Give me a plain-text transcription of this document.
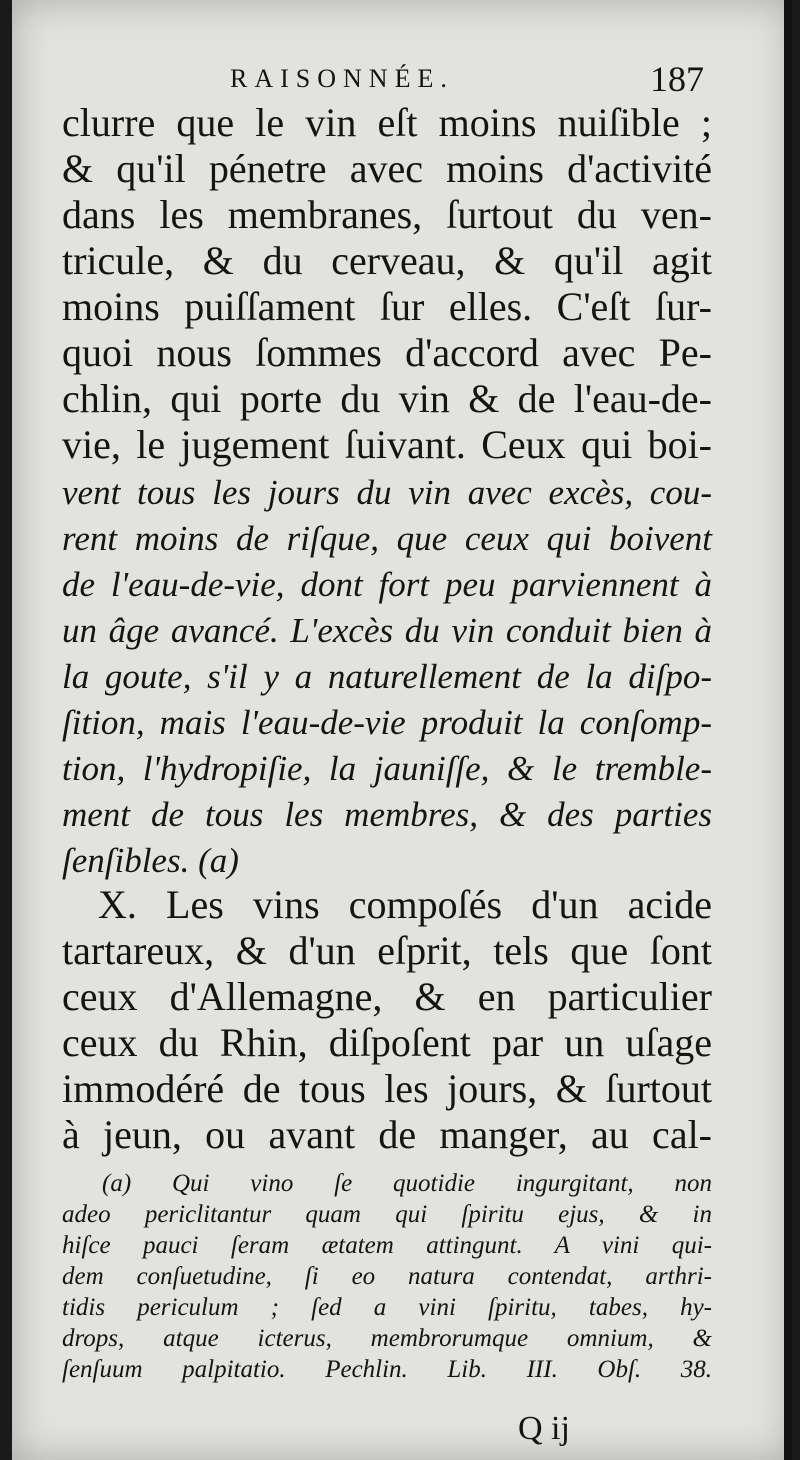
RAISONNÉE.	187
clurre que le vin eſt moins nuiſible ;
& qu'il pénetre avec moins d'activité
dans les membranes, ſurtout du ven-
tricule, & du cerveau, & qu'il agit
moins puiſſament ſur elles. C'eſt ſur-
quoi nous ſommes d'accord avec Pe-
chlin, qui porte du vin & de l'eau-de-
vie, le jugement ſuivant. Ceux qui boi-
vent tous les jours du vin avec excès, cou-
rent moins de riſque, que ceux qui boivent
de l'eau-de-vie, dont fort peu parviennent à
un âge avancé. L'excès du vin conduit bien à
la goute, s'il y a naturellement de la diſpo-
ſition, mais l'eau-de-vie produit la conſomp-
tion, l'hydropiſie, la jauniſſe, & le tremble-
ment de tous les membres, & des parties
ſenſibles. (a)
X. Les vins compoſés d'un acide
tartareux, & d'un eſprit, tels que ſont
ceux d'Allemagne, & en particulier
ceux du Rhin, diſpoſent par un uſage
immodéré de tous les jours, & ſurtout
à jeun, ou avant de manger, au cal-
(a) Qui vino ſe quotidie ingurgitant, non
adeo periclitantur quam qui ſpiritu ejus, & in
hiſce pauci ſeram ætatem attingunt. A vini qui-
dem conſuetudine, ſi eo natura contendat, arthri-
tidis periculum ; ſed a vini ſpiritu, tabes, hy-
drops, atque icterus, membrorumque omnium, &
ſenſuum palpitatio. Pechlin. Lib. III. Obſ. 38.
Q ij
